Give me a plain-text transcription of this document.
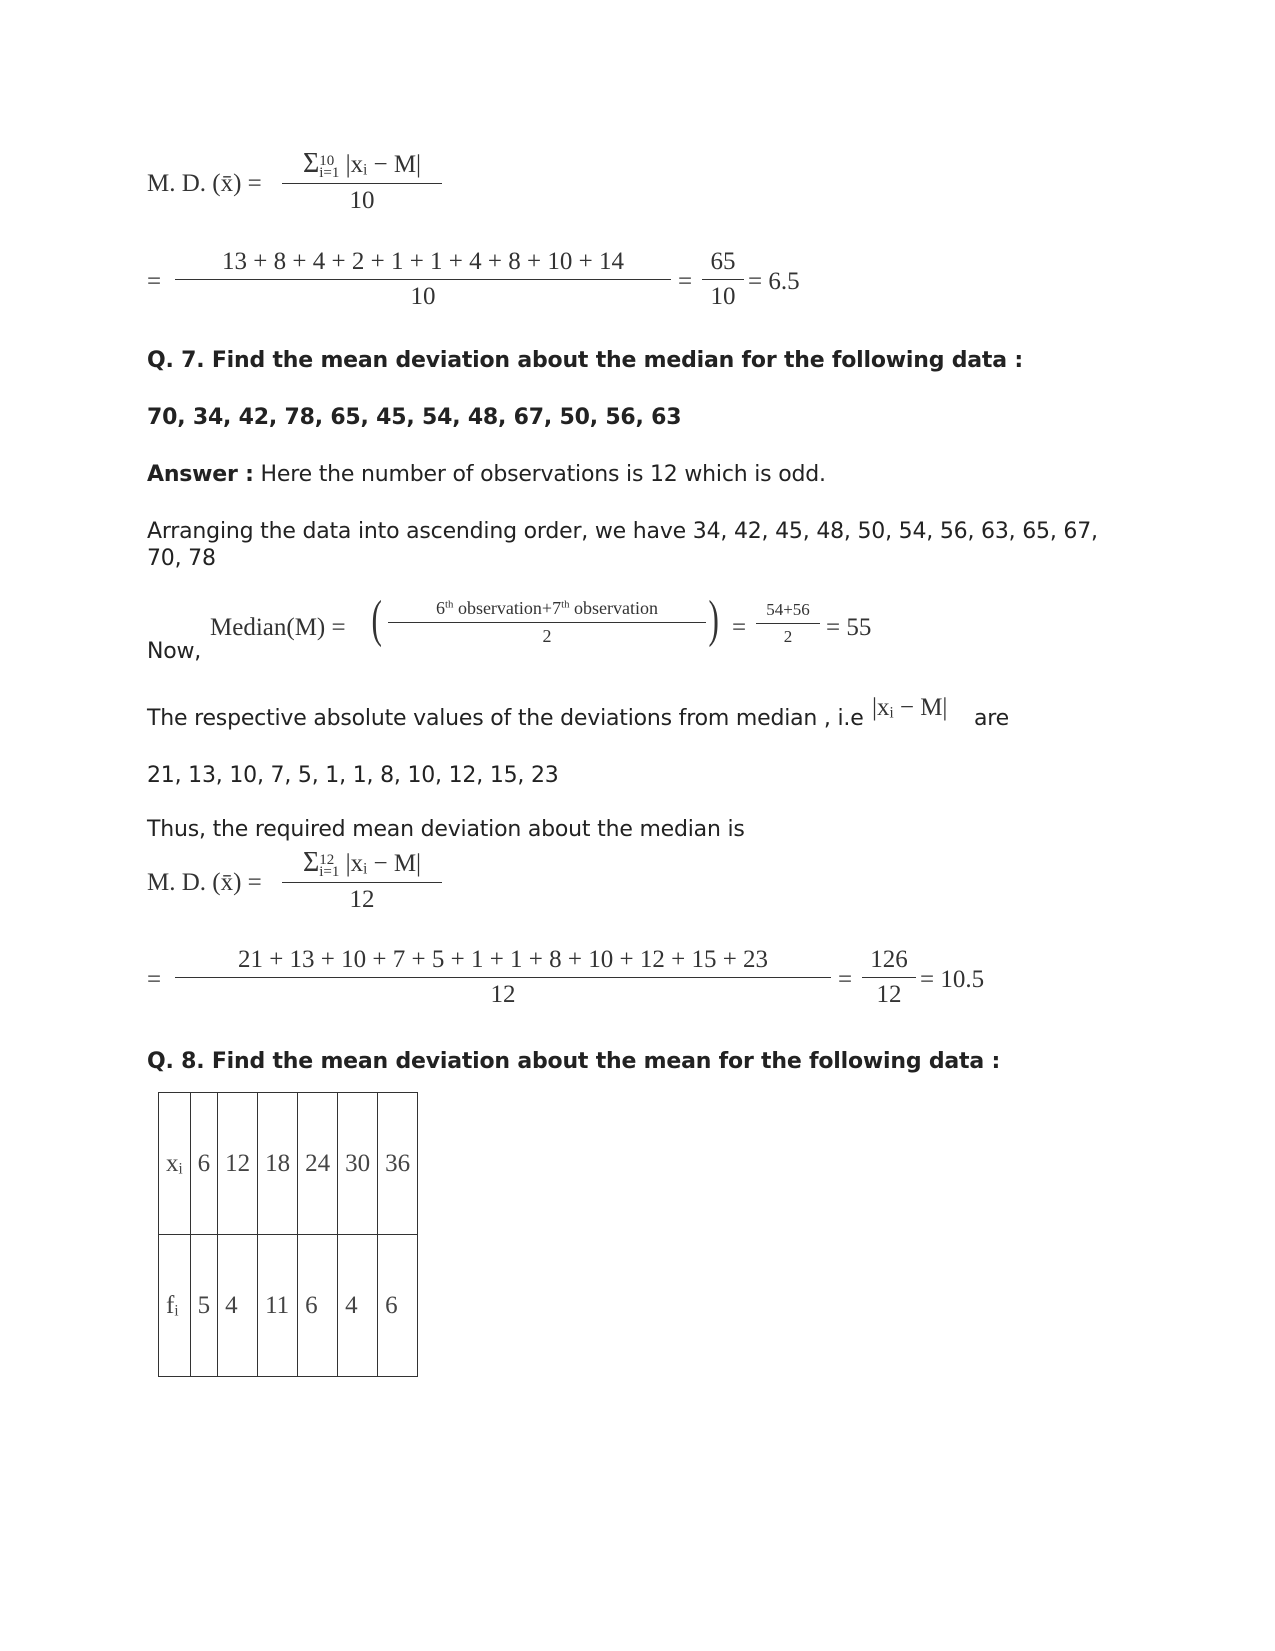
M. D. (x̄) = Σ 10
i=1 |xᵢ − M|
10
= $\frac{13 + 8 + 4 + 2 + 1 + 1 + 4 + 8 + 10 + 14}{10} = \frac{65}{10} = 6.5$
Q. 7. Find the mean deviation about the median for the following data :
70, 34, 42, 78, 65, 45, 54, 48, 67, 50, 56, 63
Answer : Here the number of observations is 12 which is odd.
Arranging the data into ascending order, we have 34, 42, 45, 48, 50, 54, 56, 63, 65, 67,
70, 78
Now,
Median(M) = (	6th observation+7th observation
2	) = $\frac{54+56}{2} = 55$
The respective absolute values of the deviations from median , i.e |xᵢ − M| are
21, 13, 10, 7, 5, 1, 1, 8, 10, 12, 15, 23
Thus, the required mean deviation about the median is
M. D. (x̄) = Σ 12
i=1 |xᵢ − M|
12
= $\frac{21 + 13 + 10 + 7 + 5 + 1 + 1 + 8 + 10 + 12 + 15 + 23}{12} = \frac{126}{12} = 10.5$
Q. 8. Find the mean deviation about the mean for the following data :
xᵢ	6	12	18	24	30	36
fᵢ	5	4	11	6	4	6
